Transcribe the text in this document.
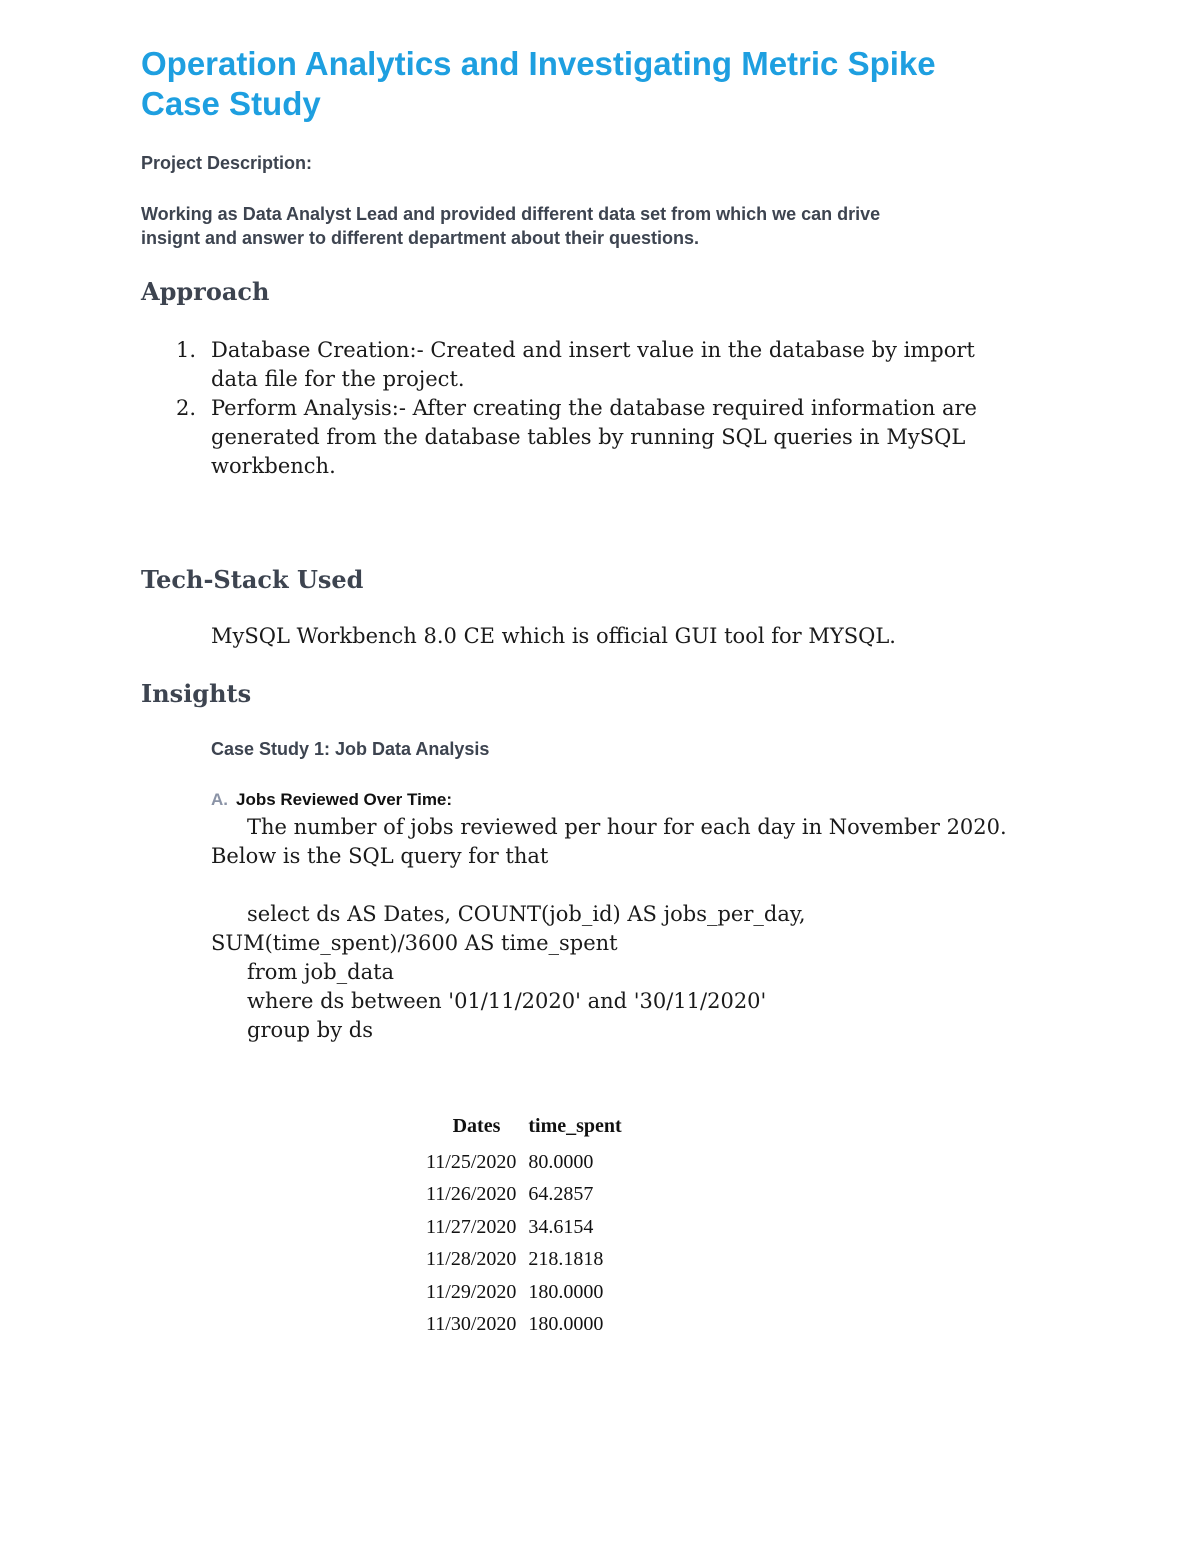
Operation Analytics and Investigating Metric Spike
Case Study
Project Description:
Working as Data Analyst Lead and provided different data set from which we can drive
insignt and answer to different department about their questions.
Approach
1. Database Creation:- Created and insert value in the database by import
data file for the project.
2. Perform Analysis:- After creating the database required information are
generated from the database tables by running SQL queries in MySQL
workbench.
Tech-Stack Used
MySQL Workbench 8.0 CE which is official GUI tool for MYSQL.
Insights
Case Study 1: Job Data Analysis
A. Jobs Reviewed Over Time:
The number of jobs reviewed per hour for each day in November 2020.
Below is the SQL query for that
select ds AS Dates, COUNT(job_id) AS jobs_per_day,
SUM(time_spent)/3600 AS time_spent
from job_data
where ds between '01/11/2020' and '30/11/2020'
group by ds
Dates	time_spent
11/25/2020	80.0000
11/26/2020	64.2857
11/27/2020	34.6154
11/28/2020	218.1818
11/29/2020	180.0000
11/30/2020	180.0000
